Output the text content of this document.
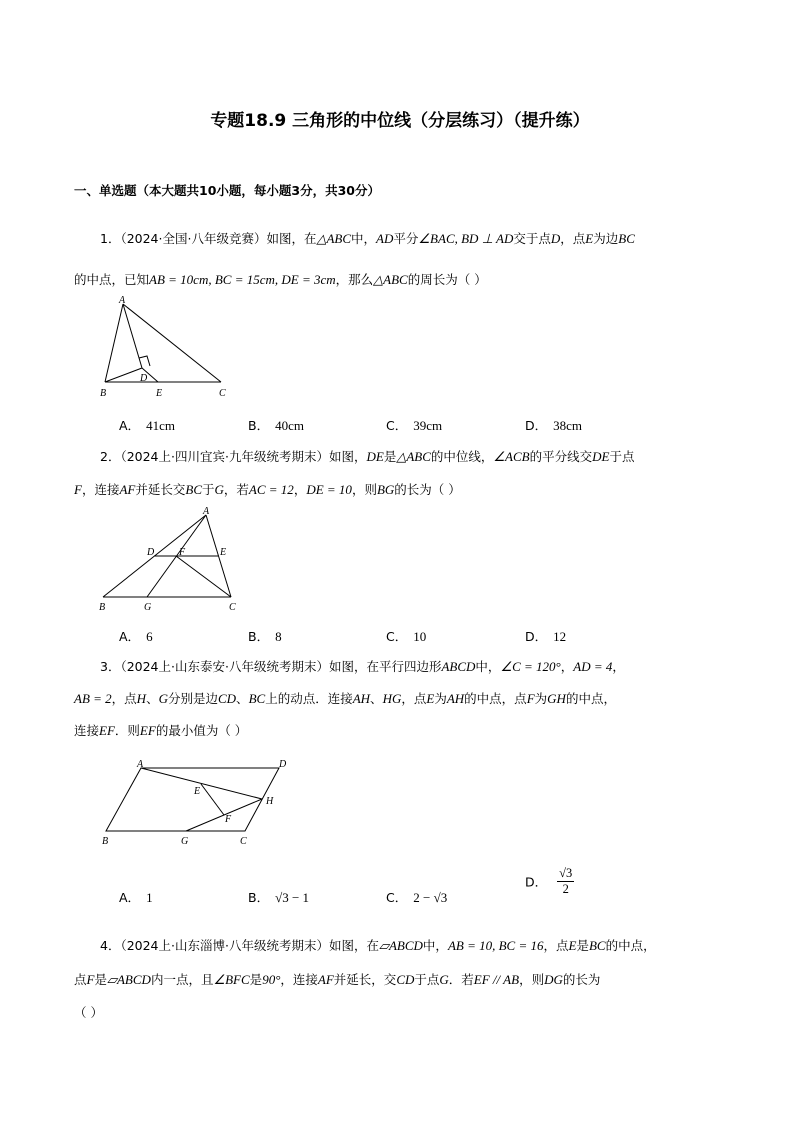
专题18.9 三角形的中位线（分层练习）（提升练）
一、单选题（本大题共10小题，每小题3分，共30分）
1．（2024·全国·八年级竞赛）如图，在△ABC中，AD平分∠BAC, BD ⊥ AD交于点D，点E为边BC
的中点，已知AB = 10cm, BC = 15cm, DE = 3cm，那么△ABC的周长为（ ）
A
B	C
D
E
A． 41cm	B． 40cm	C． 39cm	D． 38cm
2．（2024上·四川宜宾·九年级统考期末）如图，DE是△ABC的中位线，∠ACB的平分线交DE于点
F，连接AF并延长交BC于G，若AC = 12，DE = 10，则BG的长为（ ）
A
B	C
D	E
F
G
A． 6	B． 8	C． 10	D． 12
3．（2024上·山东泰安·八年级统考期末）如图，在平行四边形ABCD中，∠C = 120°，AD = 4，
AB = 2，点H、G分别是边CD、BC上的动点．连接AH、HG，点E为AH的中点，点F为GH的中点，
连接EF．则EF的最小值为（ ）
A	D
B	C
G
H
E
F
A． 1	B． √3 − 1	C． 2 − √3
D． $\frac{√3}{2}$
4．（2024上·山东淄博·八年级统考期末）如图，在▱ABCD中，AB = 10, BC = 16，点E是BC的中点，
点F是▱ABCD内一点，且∠BFC是90°，连接AF并延长，交CD于点G．若EF // AB，则DG的长为
（ ）
